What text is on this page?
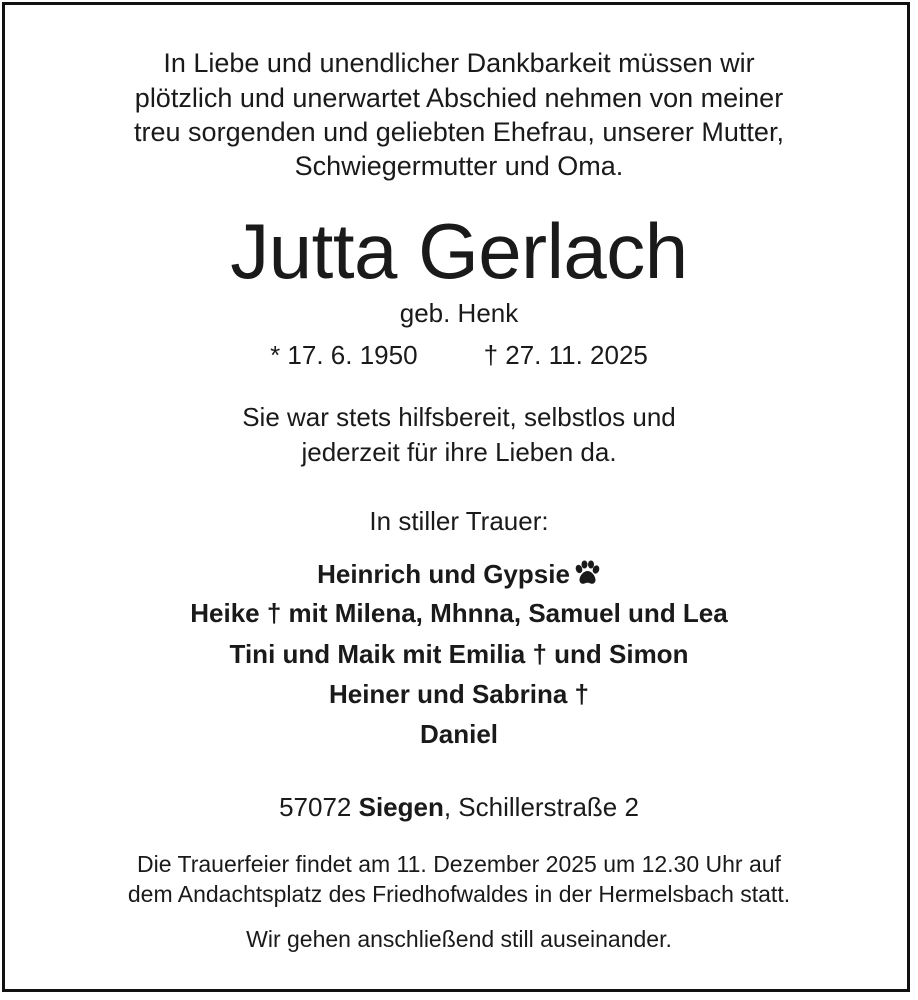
In Liebe und unendlicher Dankbarkeit müssen wir
plötzlich und unerwartet Abschied nehmen von meiner
treu sorgenden und geliebten Ehefrau, unserer Mutter,
Schwiegermutter und Oma.
Jutta Gerlach
geb. Henk
* 17. 6. 1950	† 27. 11. 2025
Sie war stets hilfsbereit, selbstlos und
jederzeit für ihre Lieben da.
In stiller Trauer:
Heinrich und Gypsie
Heike † mit Milena, Mhnna, Samuel und Lea
Tini und Maik mit Emilia † und Simon
Heiner und Sabrina †
Daniel
57072 Siegen, Schillerstraße 2
Die Trauerfeier findet am 11. Dezember 2025 um 12.30 Uhr auf
dem Andachtsplatz des Friedhofwaldes in der Hermelsbach statt.
Wir gehen anschließend still auseinander.
